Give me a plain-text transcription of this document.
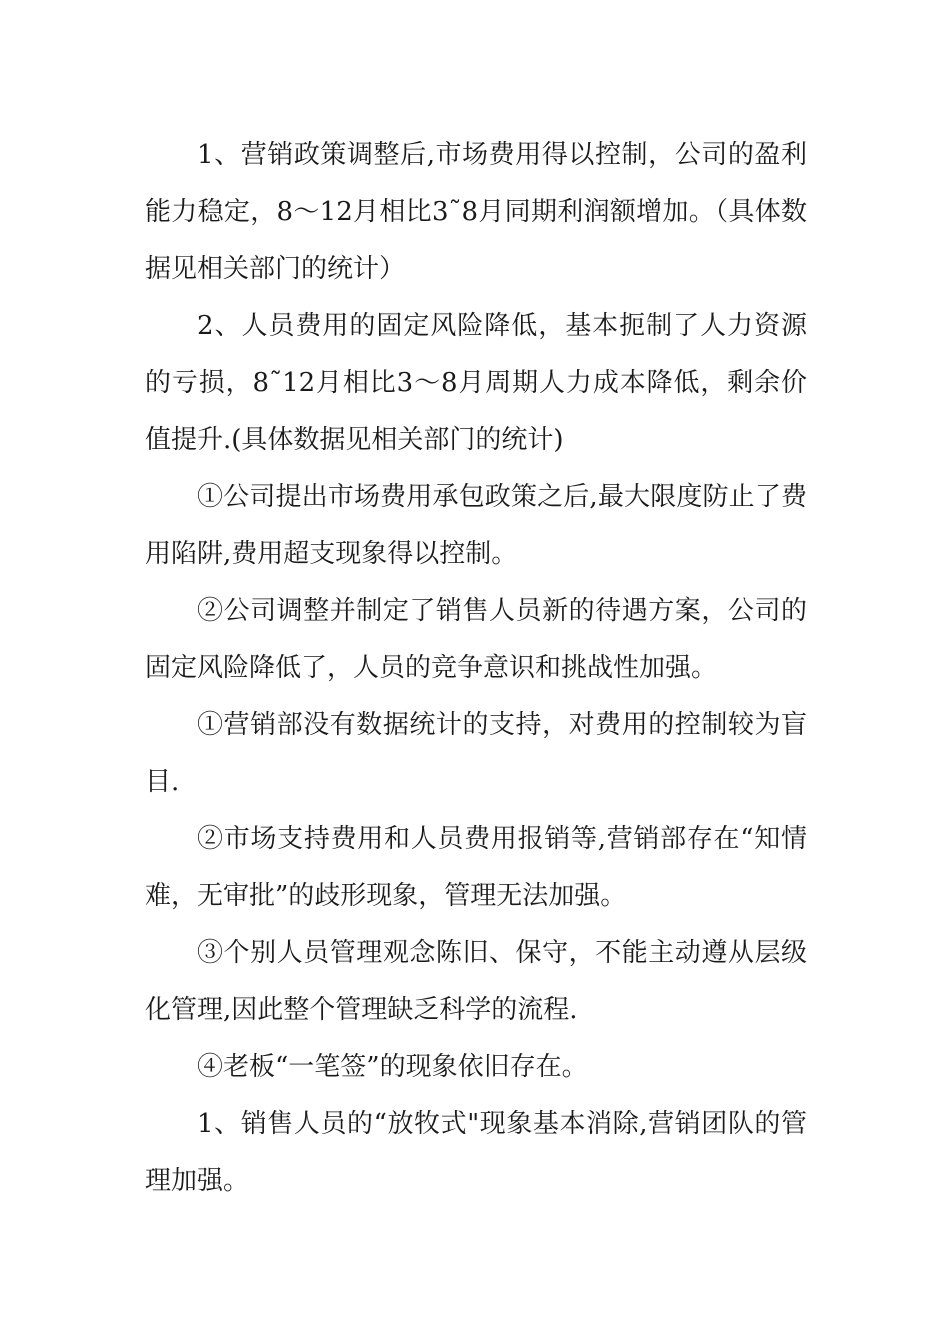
1、营销政策调整后,市场费用得以控制，公司的盈利能力稳定，8～12月相比3˜8月同期利润额增加。（具体数据见相关部门的统计）

2、人员费用的固定风险降低，基本扼制了人力资源的亏损，8˜12月相比3～8月周期人力成本降低，剩余价值提升.(具体数据见相关部门的统计)

①公司提出市场费用承包政策之后,最大限度防止了费用陷阱,费用超支现象得以控制。

②公司调整并制定了销售人员新的待遇方案，公司的固定风险降低了，人员的竞争意识和挑战性加强。

①营销部没有数据统计的支持，对费用的控制较为盲目.

②市场支持费用和人员费用报销等,营销部存在“知情难，无审批”的歧形现象，管理无法加强。

③个别人员管理观念陈旧、保守，不能主动遵从层级化管理,因此整个管理缺乏科学的流程.

④老板“一笔签”的现象依旧存在。

1、销售人员的“放牧式"现象基本消除,营销团队的管理加强。
